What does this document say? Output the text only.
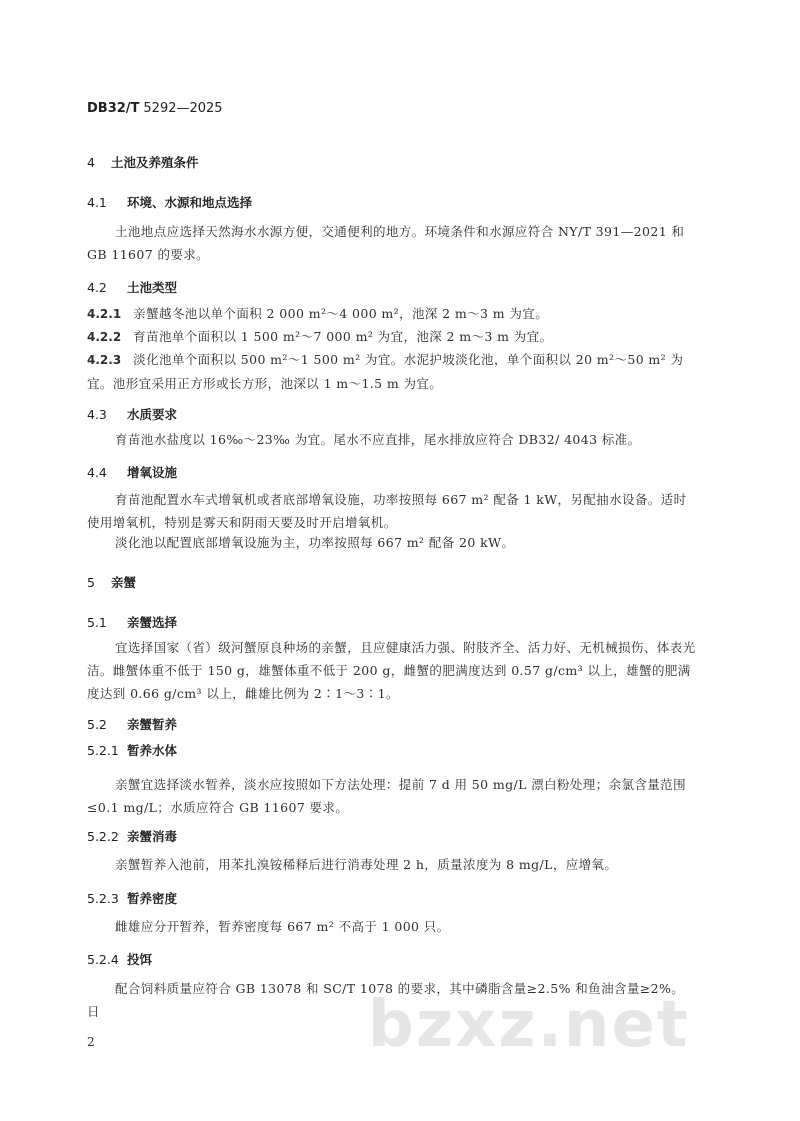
DB32/T 5292—2025
4 土池及养殖条件
4.1 环境、水源和地点选择
土池地点应选择天然海水水源方便，交通便利的地方。环境条件和水源应符合 NY/T 391—2021 和 GB 11607 的要求。
4.2 土池类型
4.2.1 亲蟹越冬池以单个面积 2 000 m²～4 000 m²，池深 2 m～3 m 为宜。
4.2.2 育苗池单个面积以 1 500 m²～7 000 m² 为宜，池深 2 m～3 m 为宜。
4.2.3 淡化池单个面积以 500 m²～1 500 m² 为宜。水泥护坡淡化池，单个面积以 20 m²～50 m² 为宜。池形宜采用正方形或长方形，池深以 1 m～1.5 m 为宜。
4.3 水质要求
育苗池水盐度以 16‰～23‰ 为宜。尾水不应直排，尾水排放应符合 DB32/ 4043 标准。
4.4 增氧设施
育苗池配置水车式增氧机或者底部增氧设施，功率按照每 667 m² 配备 1 kW，另配抽水设备。适时使用增氧机，特别是雾天和阴雨天要及时开启增氧机。
淡化池以配置底部增氧设施为主，功率按照每 667 m² 配备 20 kW。
5 亲蟹
5.1 亲蟹选择
宜选择国家（省）级河蟹原良种场的亲蟹，且应健康活力强、附肢齐全、活力好、无机械损伤、体表光洁。雌蟹体重不低于 150 g，雄蟹体重不低于 200 g，雌蟹的肥满度达到 0.57 g/cm³ 以上，雄蟹的肥满度达到 0.66 g/cm³ 以上，雌雄比例为 2∶1～3∶1。
5.2 亲蟹暂养
5.2.1 暂养水体
亲蟹宜选择淡水暂养，淡水应按照如下方法处理：提前 7 d 用 50 mg/L 漂白粉处理；余氯含量范围≤0.1 mg/L；水质应符合 GB 11607 要求。
5.2.2 亲蟹消毒
亲蟹暂养入池前，用苯扎溴铵稀释后进行消毒处理 2 h，质量浓度为 8 mg/L，应增氧。
5.2.3 暂养密度
雌雄应分开暂养，暂养密度每 667 m² 不高于 1 000 只。
5.2.4 投饵
配合饲料质量应符合 GB 13078 和 SC/T 1078 的要求，其中磷脂含量≥2.5% 和鱼油含量≥2%。日	bzxz.net
2
